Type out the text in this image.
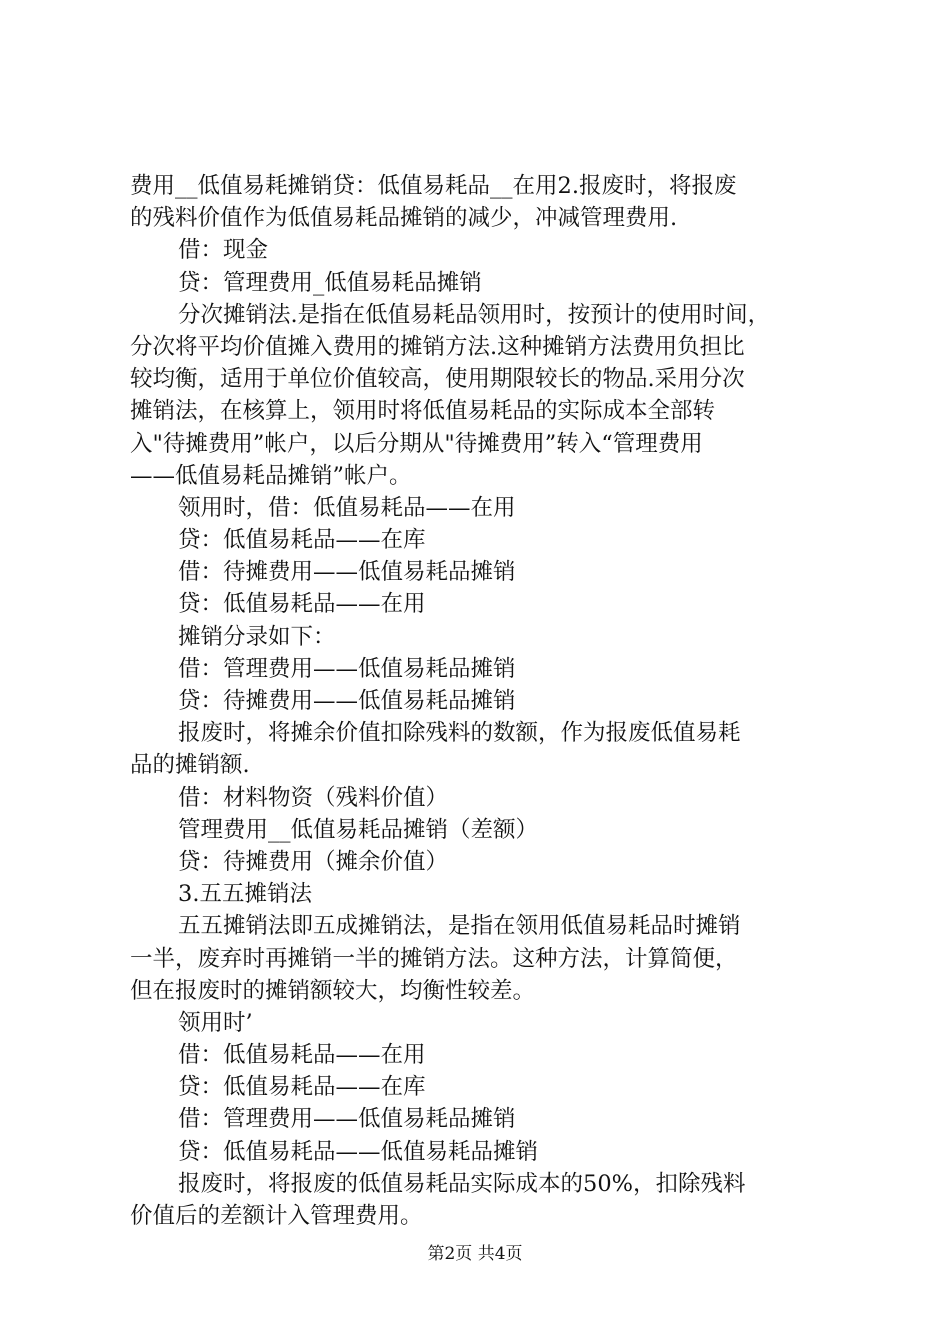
费用__低值易耗摊销贷：低值易耗品__在用2.报废时，将报废
的残料价值作为低值易耗品摊销的减少，冲减管理费用.
借：现金
贷：管理费用_低值易耗品摊销
分次摊销法.是指在低值易耗品领用时，按预计的使用时间，
分次将平均价值摊入费用的摊销方法.这种摊销方法费用负担比
较均衡，适用于单位价值较高，使用期限较长的物品.采用分次
摊销法，在核算上，领用时将低值易耗品的实际成本全部转
入"待摊费用”帐户，以后分期从"待摊费用”转入“管理费用
——低值易耗品摊销”帐户。
领用时，借：低值易耗品——在用
贷：低值易耗品——在库
借：待摊费用——低值易耗品摊销
贷：低值易耗品——在用
摊销分录如下：
借：管理费用——低值易耗品摊销
贷：待摊费用——低值易耗品摊销
报废时，将摊余价值扣除残料的数额，作为报废低值易耗
品的摊销额.
借：材料物资（残料价值）
管理费用__低值易耗品摊销（差额）
贷：待摊费用（摊余价值）
3.五五摊销法
五五摊销法即五成摊销法，是指在领用低值易耗品时摊销
一半，废弃时再摊销一半的摊销方法。这种方法，计算简便，
但在报废时的摊销额较大，均衡性较差。
领用时’
借：低值易耗品——在用
贷：低值易耗品——在库
借：管理费用——低值易耗品摊销
贷：低值易耗品——低值易耗品摊销
报废时，将报废的低值易耗品实际成本的50%，扣除残料
价值后的差额计入管理费用。
第2页 共4页
